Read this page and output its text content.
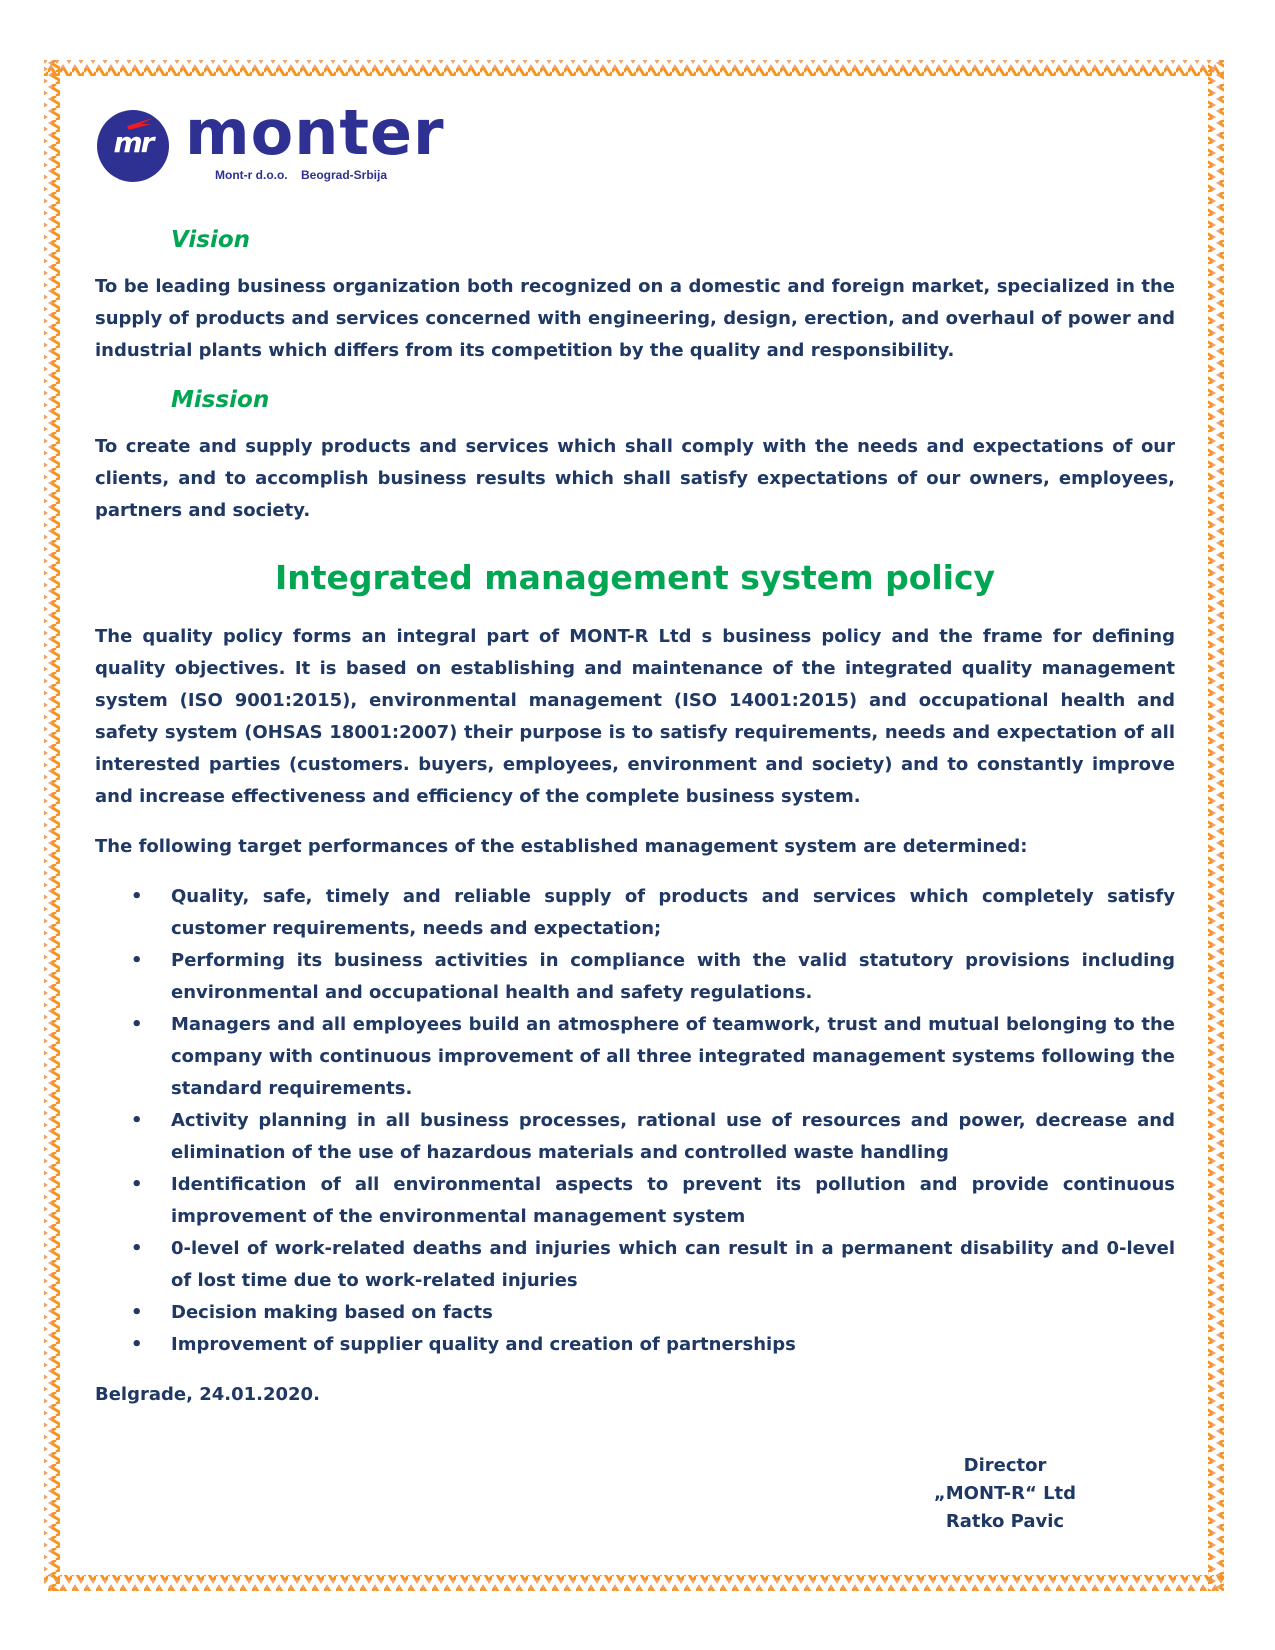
mr monter
Mont-r d.o.o.    Beograd-Srbija
Vision

To be leading business organization both recognized on a domestic and foreign market, specialized in the supply of products and services concerned with engineering, design, erection, and overhaul of power and industrial plants which differs from its competition by the quality and responsibility.

Mission

To create and supply products and services which shall comply with the needs and expectations of our clients, and to accomplish business results which shall satisfy expectations of our owners, employees, partners and society.

Integrated management system policy

The quality policy forms an integral part of MONT-R Ltd s business policy and the frame for defining quality objectives. It is based on establishing and maintenance of the integrated quality management system (ISO 9001:2015), environmental management (ISO 14001:2015) and occupational health and safety system (OHSAS 18001:2007) their purpose is to satisfy requirements, needs and expectation of all interested parties (customers. buyers, employees, environment and society) and to constantly improve and increase effectiveness and efficiency of the complete business system.

The following target performances of the established management system are determined:

• Quality, safe, timely and reliable supply of products and services which completely satisfy customer requirements, needs and expectation;
• Performing its business activities in compliance with the valid statutory provisions including environmental and occupational health and safety regulations.
• Managers and all employees build an atmosphere of teamwork, trust and mutual belonging to the company with continuous improvement of all three integrated management systems following the standard requirements.
• Activity planning in all business processes, rational use of resources and power, decrease and elimination of the use of hazardous materials and controlled waste handling
• Identification of all environmental aspects to prevent its pollution and provide continuous improvement of the environmental management system
• 0-level of work-related deaths and injuries which can result in a permanent disability and 0-level of lost time due to work-related injuries
• Decision making based on facts
• Improvement of supplier quality and creation of partnerships
Belgrade, 24.01.2020.
Director
„MONT-R“ Ltd
Ratko Pavic
